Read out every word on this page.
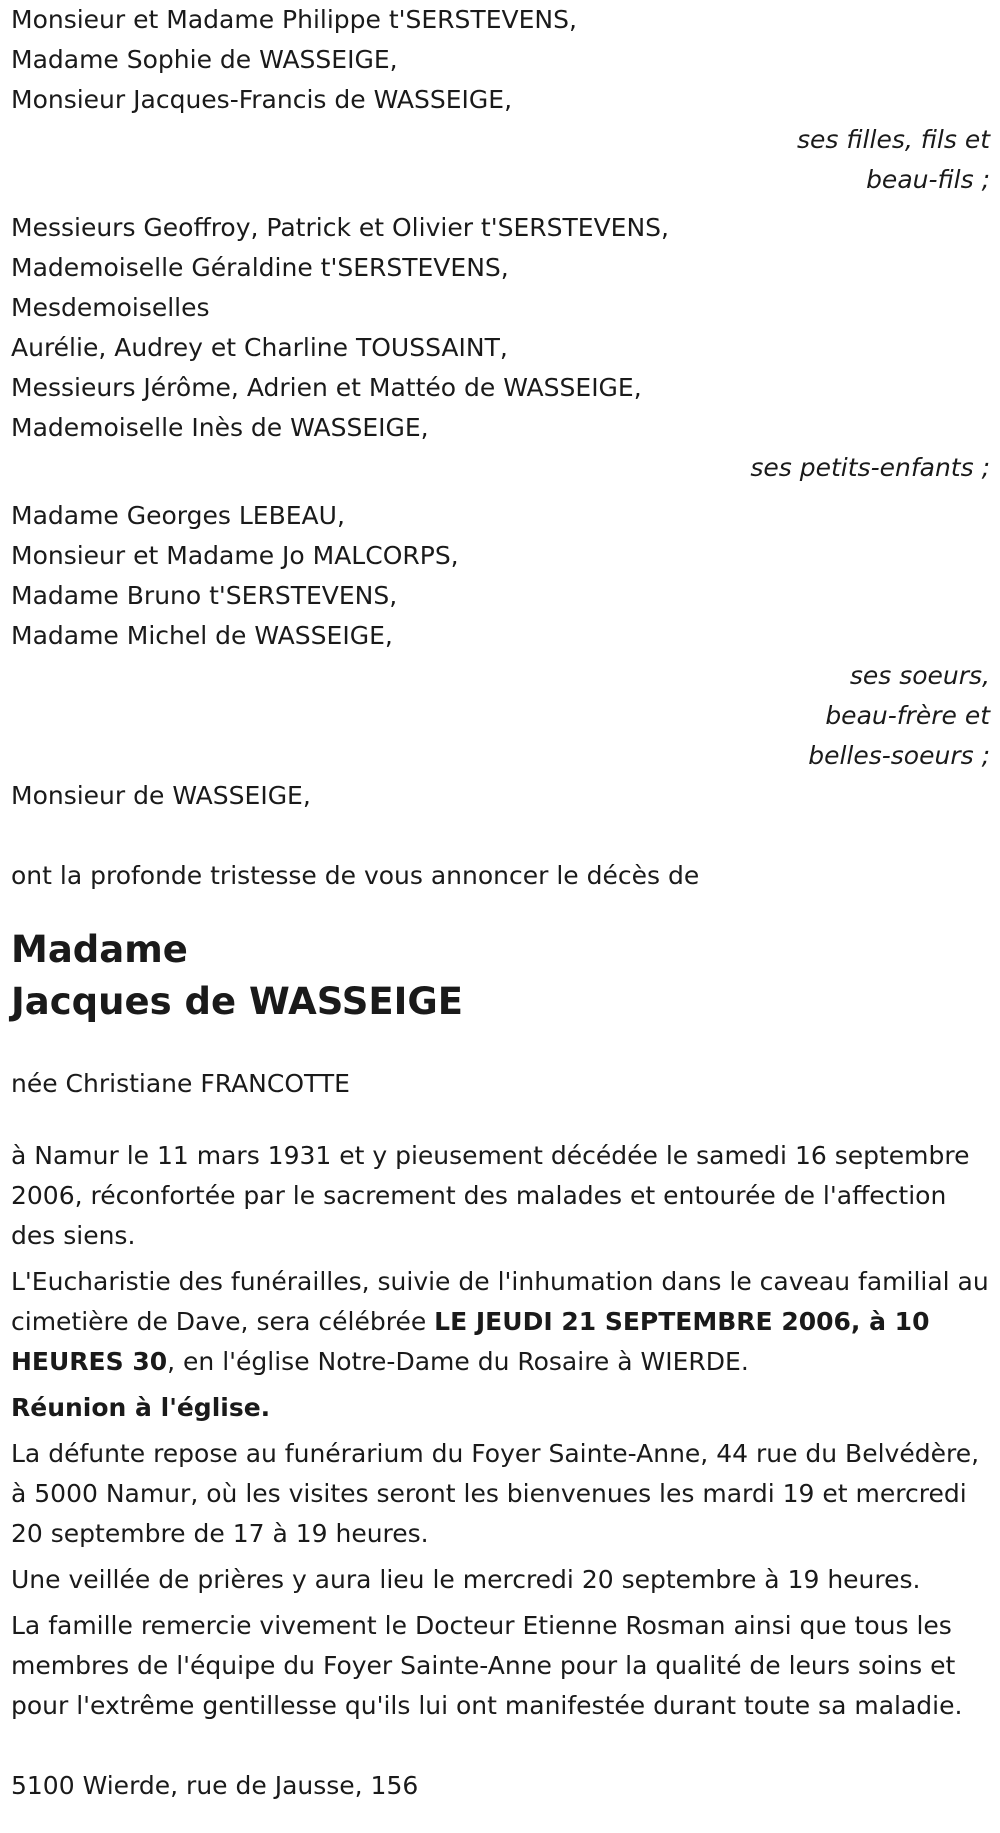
Monsieur et Madame Philippe t'SERSTEVENS,
Madame Sophie de WASSEIGE,
Monsieur Jacques-Francis de WASSEIGE,
ses filles, fils et
beau-fils ;
Messieurs Geoffroy, Patrick et Olivier t'SERSTEVENS,
Mademoiselle Géraldine t'SERSTEVENS,
Mesdemoiselles
Aurélie, Audrey et Charline TOUSSAINT,
Messieurs Jérôme, Adrien et Mattéo de WASSEIGE,
Mademoiselle Inès de WASSEIGE,
ses petits-enfants ;
Madame Georges LEBEAU,
Monsieur et Madame Jo MALCORPS,
Madame Bruno t'SERSTEVENS,
Madame Michel de WASSEIGE,
ses soeurs,
beau-frère et
belles-soeurs ;
Monsieur de WASSEIGE,
ont la profonde tristesse de vous annoncer le décès de
Madame
Jacques de WASSEIGE
née Christiane FRANCOTTE
à Namur le 11 mars 1931 et y pieusement décédée le samedi 16 septembre 2006, réconfortée par le sacrement des malades et entourée de l'affection des siens.
L'Eucharistie des funérailles, suivie de l'inhumation dans le caveau familial au cimetière de Dave, sera célébrée LE JEUDI 21 SEPTEMBRE 2006, à 10 HEURES 30, en l'église Notre-Dame du Rosaire à WIERDE.
Réunion à l'église.
La défunte repose au funérarium du Foyer Sainte-Anne, 44 rue du Belvédère, à 5000 Namur, où les visites seront les bienvenues les mardi 19 et mercredi 20 septembre de 17 à 19 heures.
Une veillée de prières y aura lieu le mercredi 20 septembre à 19 heures.
La famille remercie vivement le Docteur Etienne Rosman ainsi que tous les membres de l'équipe du Foyer Sainte-Anne pour la qualité de leurs soins et pour l'extrême gentillesse qu'ils lui ont manifestée durant toute sa maladie.
5100 Wierde, rue de Jausse, 156
